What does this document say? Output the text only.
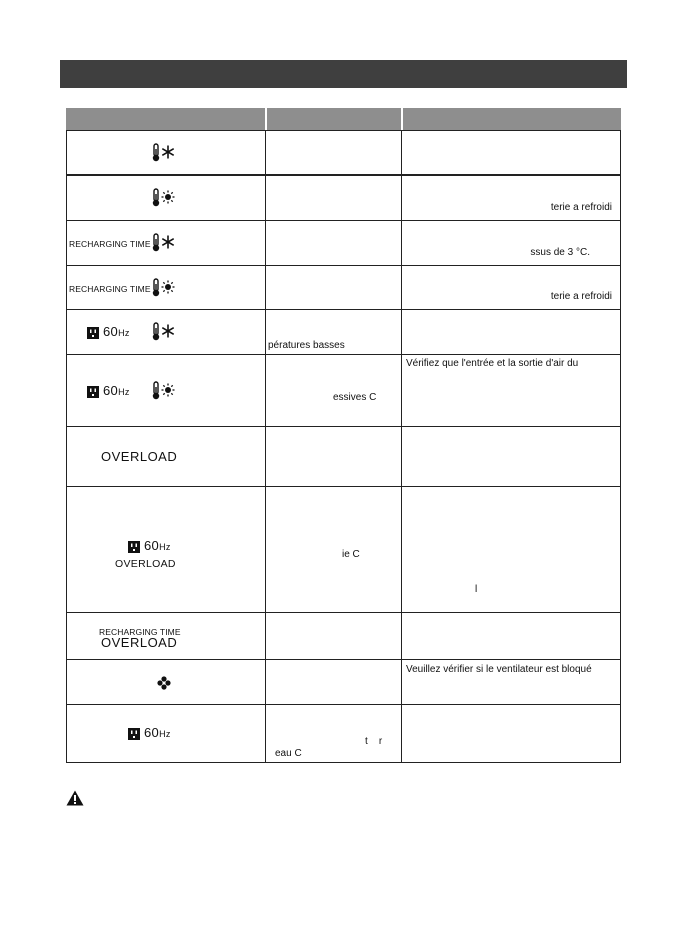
terie a refroidi
RECHARGING TIME
ssus de 3 °C.
RECHARGING TIME
terie a refroidi
60Hz
pératures basses
60Hz	essives C
Vérifiez que l'entrée et la sortie d'air du
OVERLOAD
60Hz
OVERLOAD
ie C
l
RECHARGING TIME
OVERLOAD
Veuillez vérifier si le ventilateur est bloqué
60Hz
t    r
eau C
